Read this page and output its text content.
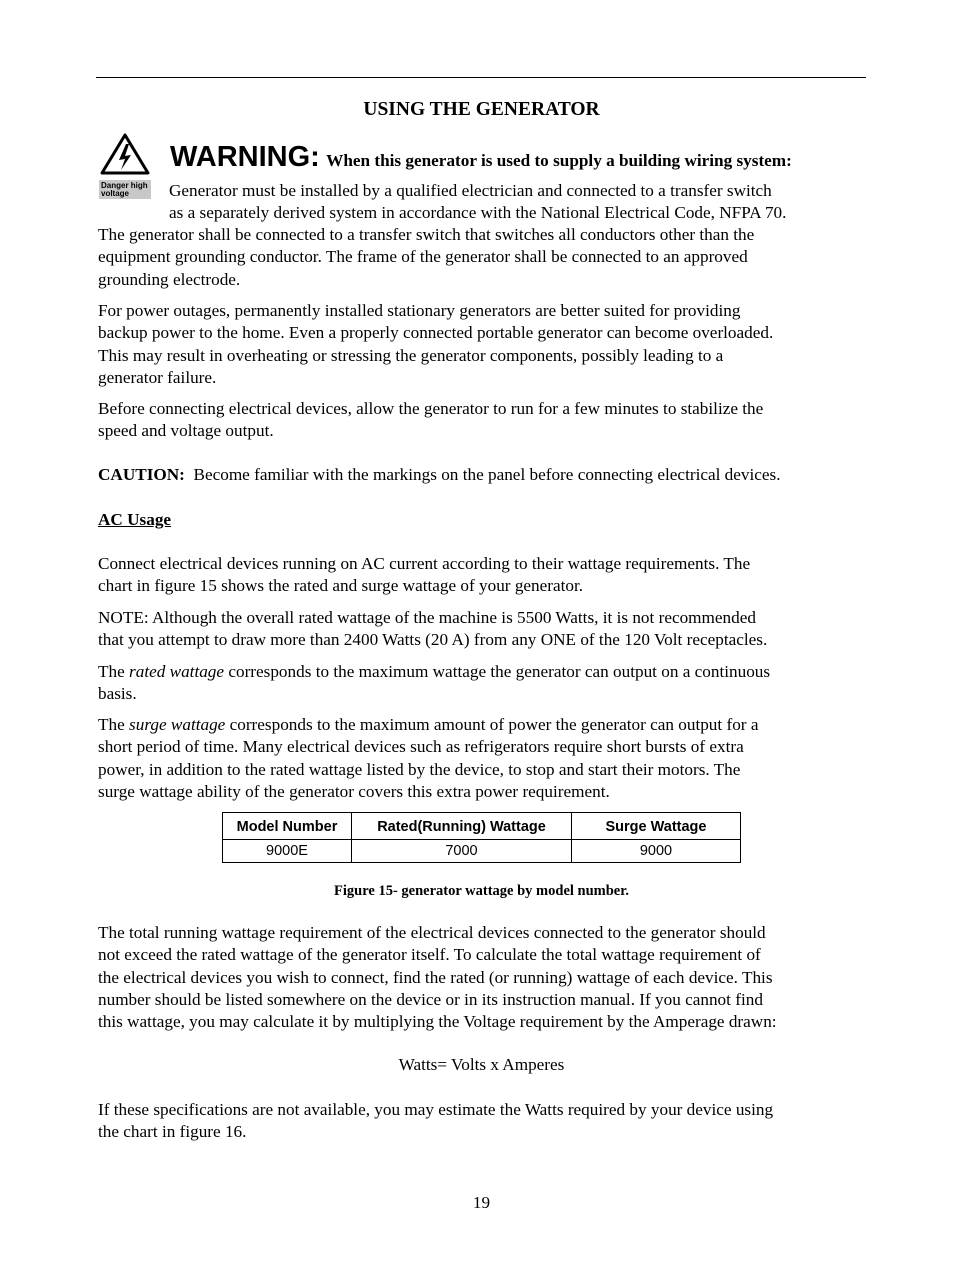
USING THE GENERATOR
Danger high voltage
WARNING: When this generator is used to supply a building wiring system:
Generator must be installed by a qualified electrician and connected to a transfer switch
as a separately derived system in accordance with the National Electrical Code, NFPA 70.
The generator shall be connected to a transfer switch that switches all conductors other than the
equipment grounding conductor. The frame of the generator shall be connected to an approved
grounding electrode.
For power outages, permanently installed stationary generators are better suited for providing
backup power to the home. Even a properly connected portable generator can become overloaded.
This may result in overheating or stressing the generator components, possibly leading to a
generator failure.
Before connecting electrical devices, allow the generator to run for a few minutes to stabilize the
speed and voltage output.
CAUTION:  Become familiar with the markings on the panel before connecting electrical devices.
AC Usage
Connect electrical devices running on AC current according to their wattage requirements. The
chart in figure 15 shows the rated and surge wattage of your generator.
NOTE: Although the overall rated wattage of the machine is 5500 Watts, it is not recommended
that you attempt to draw more than 2400 Watts (20 A) from any ONE of the 120 Volt receptacles.
The rated wattage corresponds to the maximum wattage the generator can output on a continuous
basis.
The surge wattage corresponds to the maximum amount of power the generator can output for a
short period of time. Many electrical devices such as refrigerators require short bursts of extra
power, in addition to the rated wattage listed by the device, to stop and start their motors. The
surge wattage ability of the generator covers this extra power requirement.
Model Number	Rated(Running) Wattage	Surge Wattage
9000E	7000	9000
Figure 15- generator wattage by model number.
The total running wattage requirement of the electrical devices connected to the generator should
not exceed the rated wattage of the generator itself. To calculate the total wattage requirement of
the electrical devices you wish to connect, find the rated (or running) wattage of each device. This
number should be listed somewhere on the device or in its instruction manual. If you cannot find
this wattage, you may calculate it by multiplying the Voltage requirement by the Amperage drawn:
Watts= Volts x Amperes
If these specifications are not available, you may estimate the Watts required by your device using
the chart in figure 16.
19
